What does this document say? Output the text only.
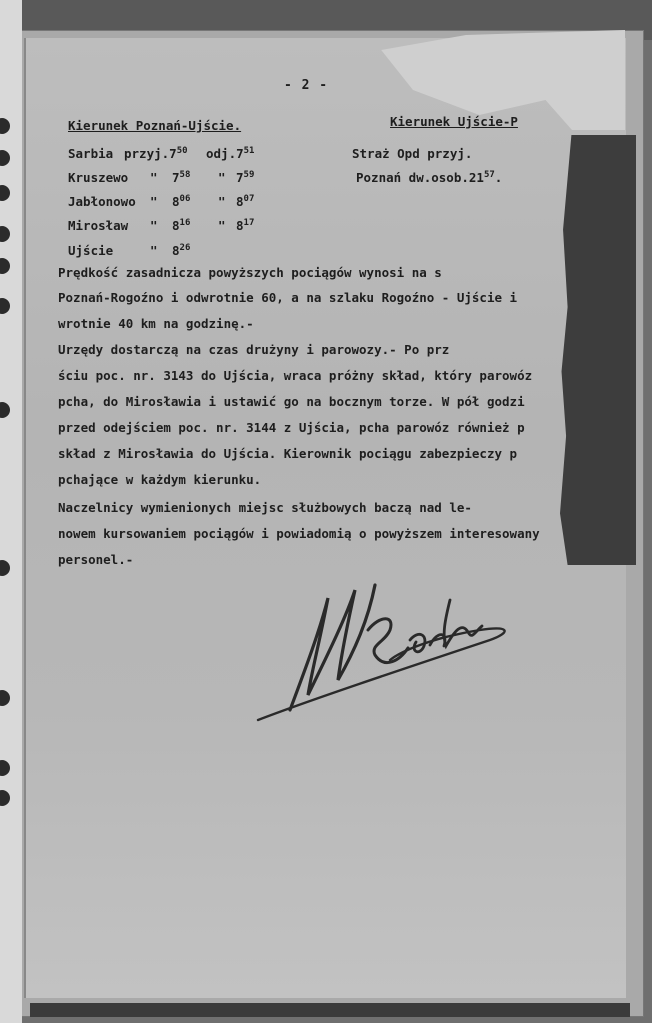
- 2 -
Kierunek Poznań-Ujście.
Sarbia $przyj.7^{50}$ $odj.7^{51}$
Kruszewo " $7^{58}$ " $7^{59}$
Jabłonowo " $8^{06}$ " $8^{07}$
Mirosław " $8^{16}$ " $8^{17}$
Ujście	" $8^{26}$
Kierunek Ujście-P
Straż Opd przyj.
Poznań $dw.osob.21^{57}$.
Prędkość zasadnicza powyższych pociągów wynosi na s
Poznań-Rogoźno i odwrotnie 60, a na szlaku Rogoźno - Ujście i
wrotnie 40 km na godzinę.-
Urzędy dostarczą na czas drużyny i parowozy.- Po prz
ściu poc. nr. 3143 do Ujścia, wraca próżny skład, który parowóz
pcha, do Mirosławia i ustawić go na bocznym torze. W pół godzi
przed odejściem poc. nr. 3144 z Ujścia, pcha parowóz również p
skład z Mirosławia do Ujścia. Kierownik pociągu zabezpieczy p
pchające w każdym kierunku.
Naczelnicy wymienionych miejsc służbowych baczą nad le-
nowem kursowaniem pociągów i powiadomią o powyższem interesowany
personel.-
